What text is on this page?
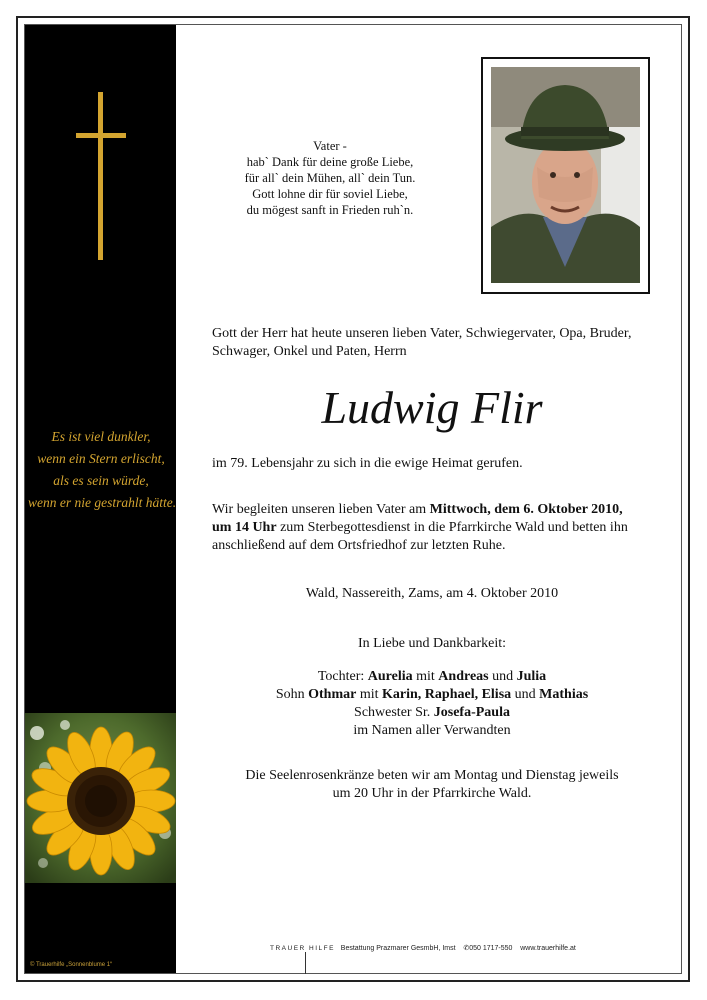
Es ist viel dunkler,
wenn ein Stern erlischt,
als es sein würde,
wenn er nie gestrahlt hätte.
© Trauerhilfe „Sonnenblume 1“
Vater -
hab` Dank für deine große Liebe,
für all` dein Mühen, all` dein Tun.
Gott lohne dir für soviel Liebe,
du mögest sanft in Frieden ruh`n.
Gott der Herr hat heute unseren lieben Vater, Schwiegervater, Opa, Bruder,
Schwager, Onkel und Paten, Herrn
Ludwig Flir
im 79. Lebensjahr zu sich in die ewige Heimat gerufen.
Wir begleiten unseren lieben Vater am Mittwoch, dem 6. Oktober 2010,
um 14 Uhr zum Sterbegottesdienst in die Pfarrkirche Wald und betten ihn
anschließend auf dem Ortsfriedhof zur letzten Ruhe.
Wald, Nassereith, Zams, am 4. Oktober 2010
In Liebe und Dankbarkeit:
Tochter: Aurelia mit Andreas und Julia
Sohn Othmar mit Karin, Raphael, Elisa und Mathias
Schwester Sr. Josefa-Paula
im Namen aller Verwandten
Die Seelenrosenkränze beten wir am Montag und Dienstag jeweils
um 20 Uhr in der Pfarrkirche Wald.
TRAUER HILFE Bestattung Prazmarer GesmbH, Imst ✆050 1717-550 www.trauerhilfe.at
